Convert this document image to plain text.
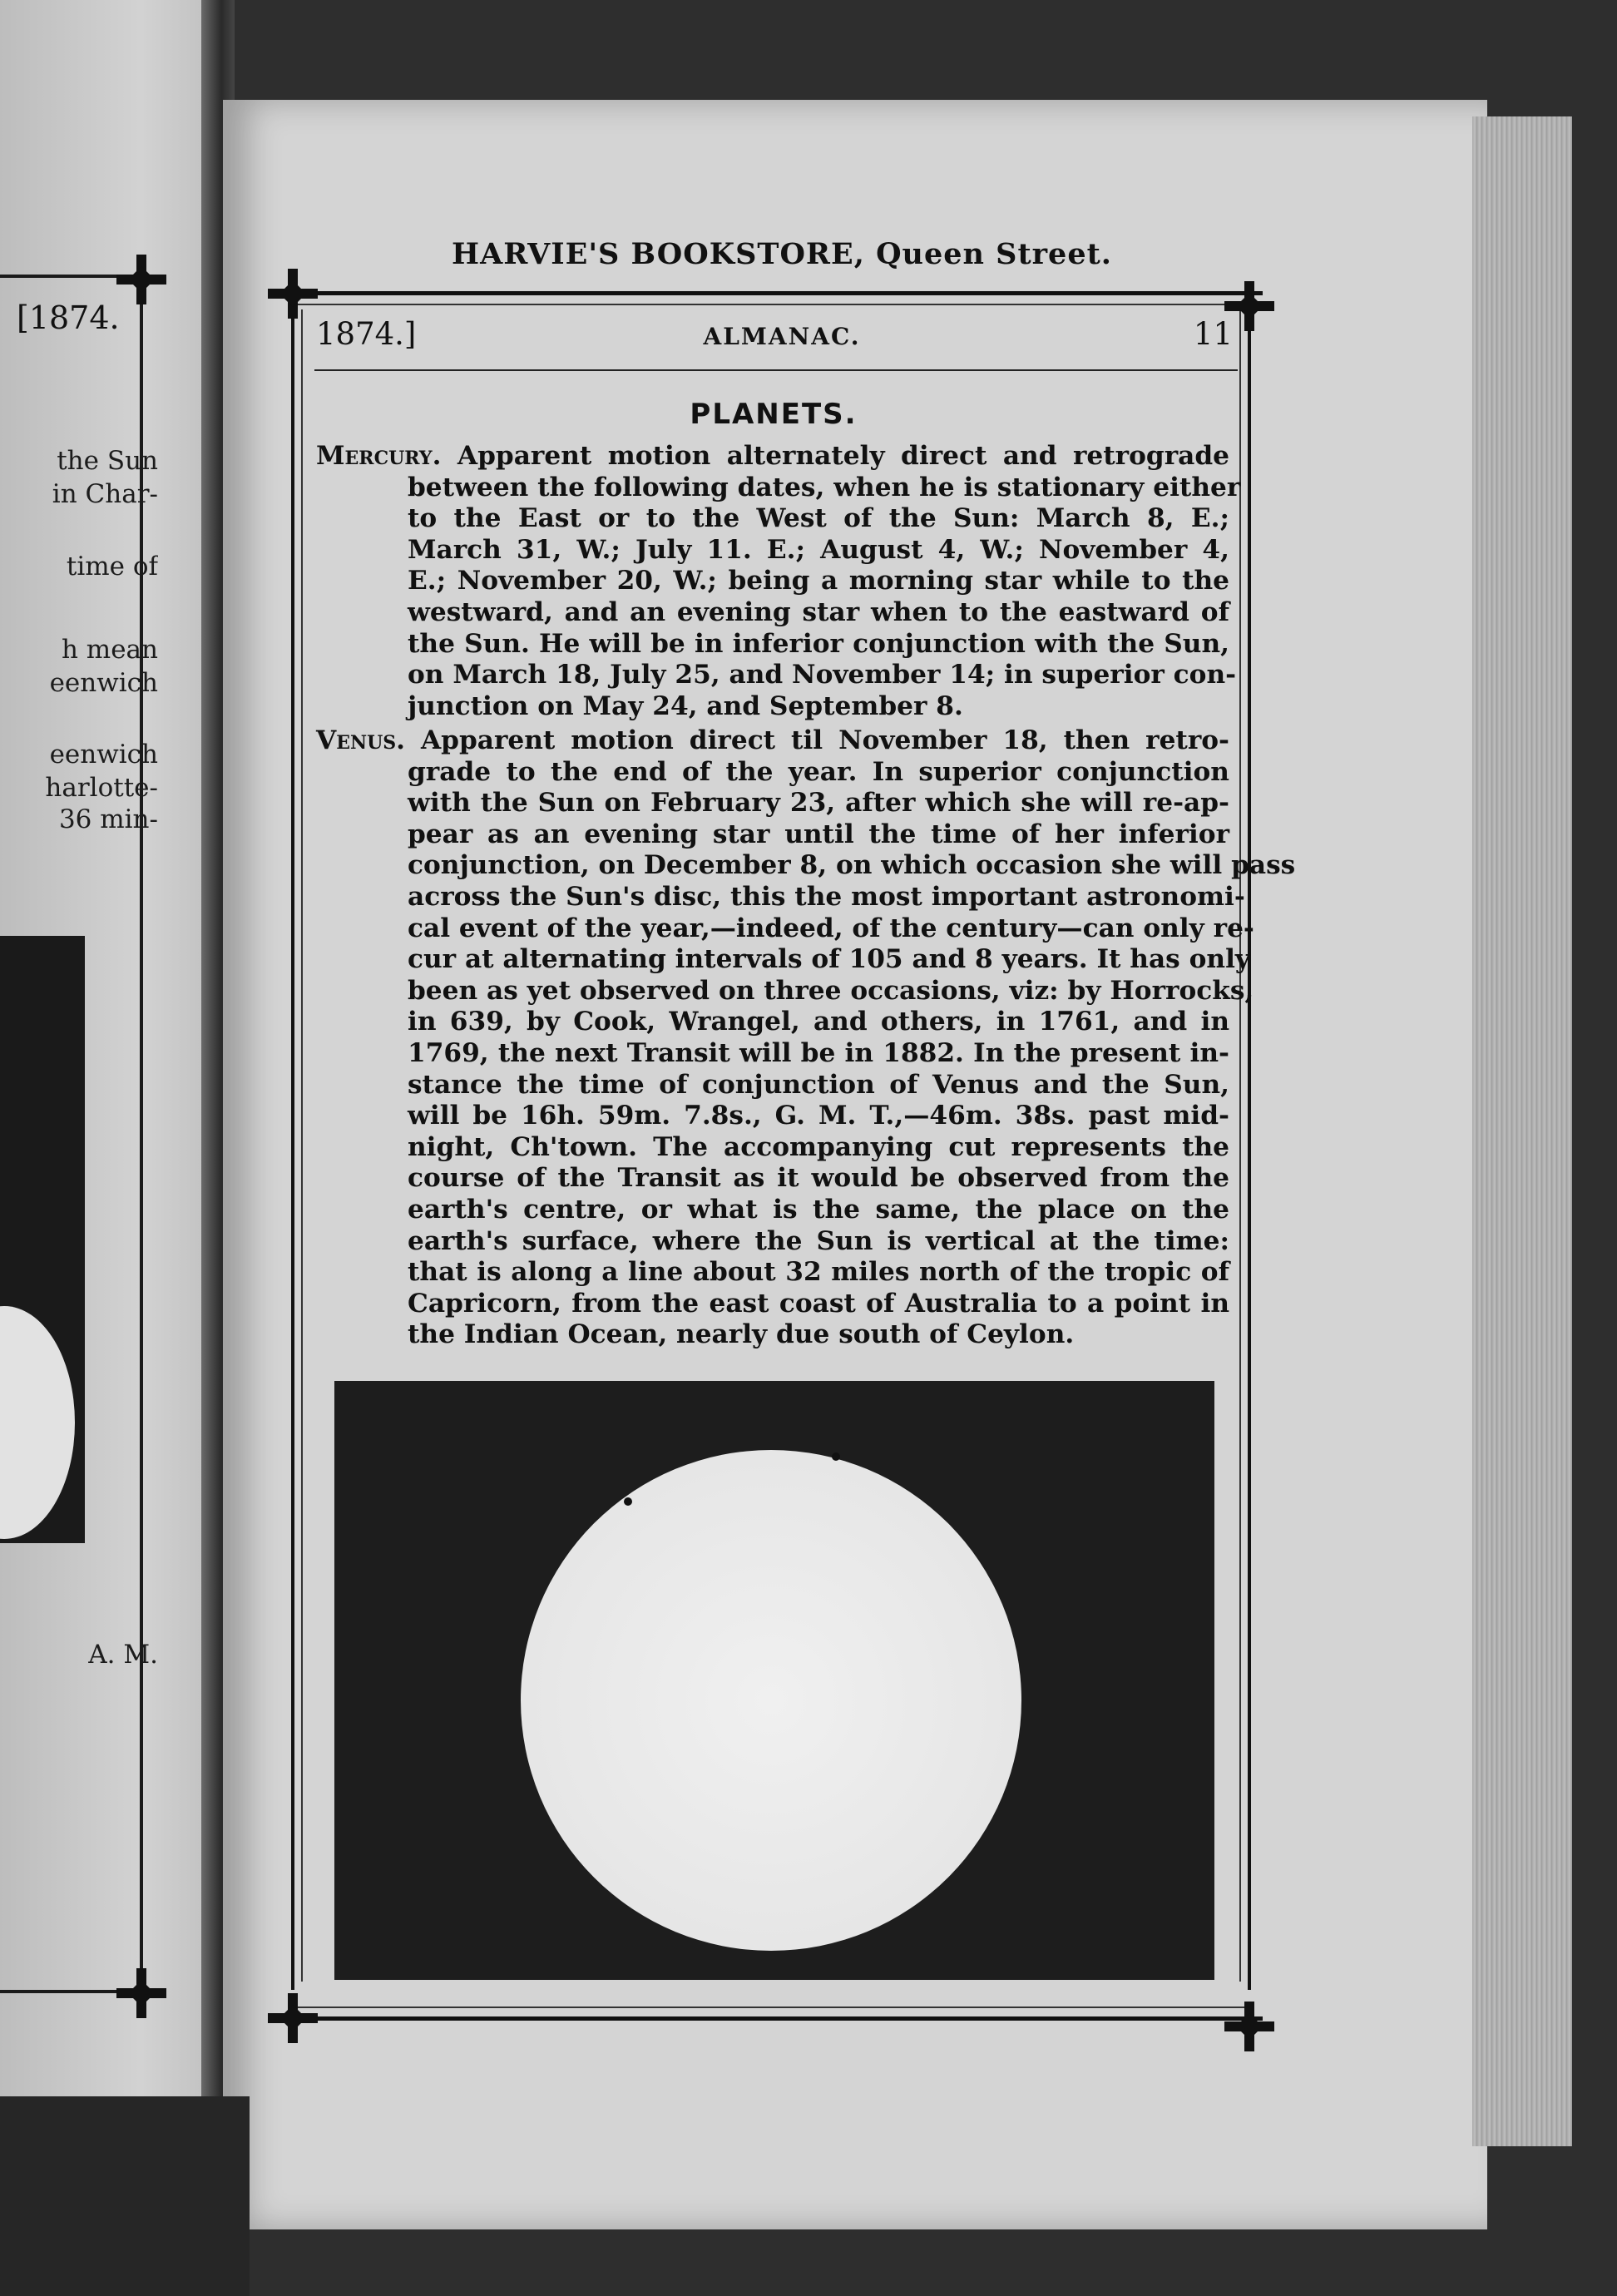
[1874.
the Sun
in Char-
time of
h mean
eenwich
eenwich
harlotte-
36 min-
A. M.
HARVIE'S BOOKSTORE, Queen Street.
1874.]	ALMANAC.	11
PLANETS.
Mercury. Apparent motion alternately direct and retrograde
between the following dates, when he is stationary either
to the East or to the West of the Sun: March 8, E.;
March 31, W.; July 11. E.; August 4, W.; November 4,
E.; November 20, W.; being a morning star while to the
westward, and an evening star when to the eastward of
the Sun. He will be in inferior conjunction with the Sun,
on March 18, July 25, and November 14; in superior con-
junction on May 24, and September 8.
Venus. Apparent motion direct til November 18, then retro-
grade to the end of the year. In superior conjunction
with the Sun on February 23, after which she will re-ap-
pear as an evening star until the time of her inferior
conjunction, on December 8, on which occasion she will pass
across the Sun's disc, this the most important astronomi-
cal event of the year,—indeed, of the century—can only re-
cur at alternating intervals of 105 and 8 years. It has only
been as yet observed on three occasions, viz: by Horrocks,
in 639, by Cook, Wrangel, and others, in 1761, and in
1769, the next Transit will be in 1882. In the present in-
stance the time of conjunction of Venus and the Sun,
will be 16h. 59m. 7.8s., G. M. T.,—46m. 38s. past mid-
night, Ch'town. The accompanying cut represents the
course of the Transit as it would be observed from the
earth's centre, or what is the same, the place on the
earth's surface, where the Sun is vertical at the time:
that is along a line about 32 miles north of the tropic of
Capricorn, from the east coast of Australia to a point in
the Indian Ocean, nearly due south of Ceylon.
